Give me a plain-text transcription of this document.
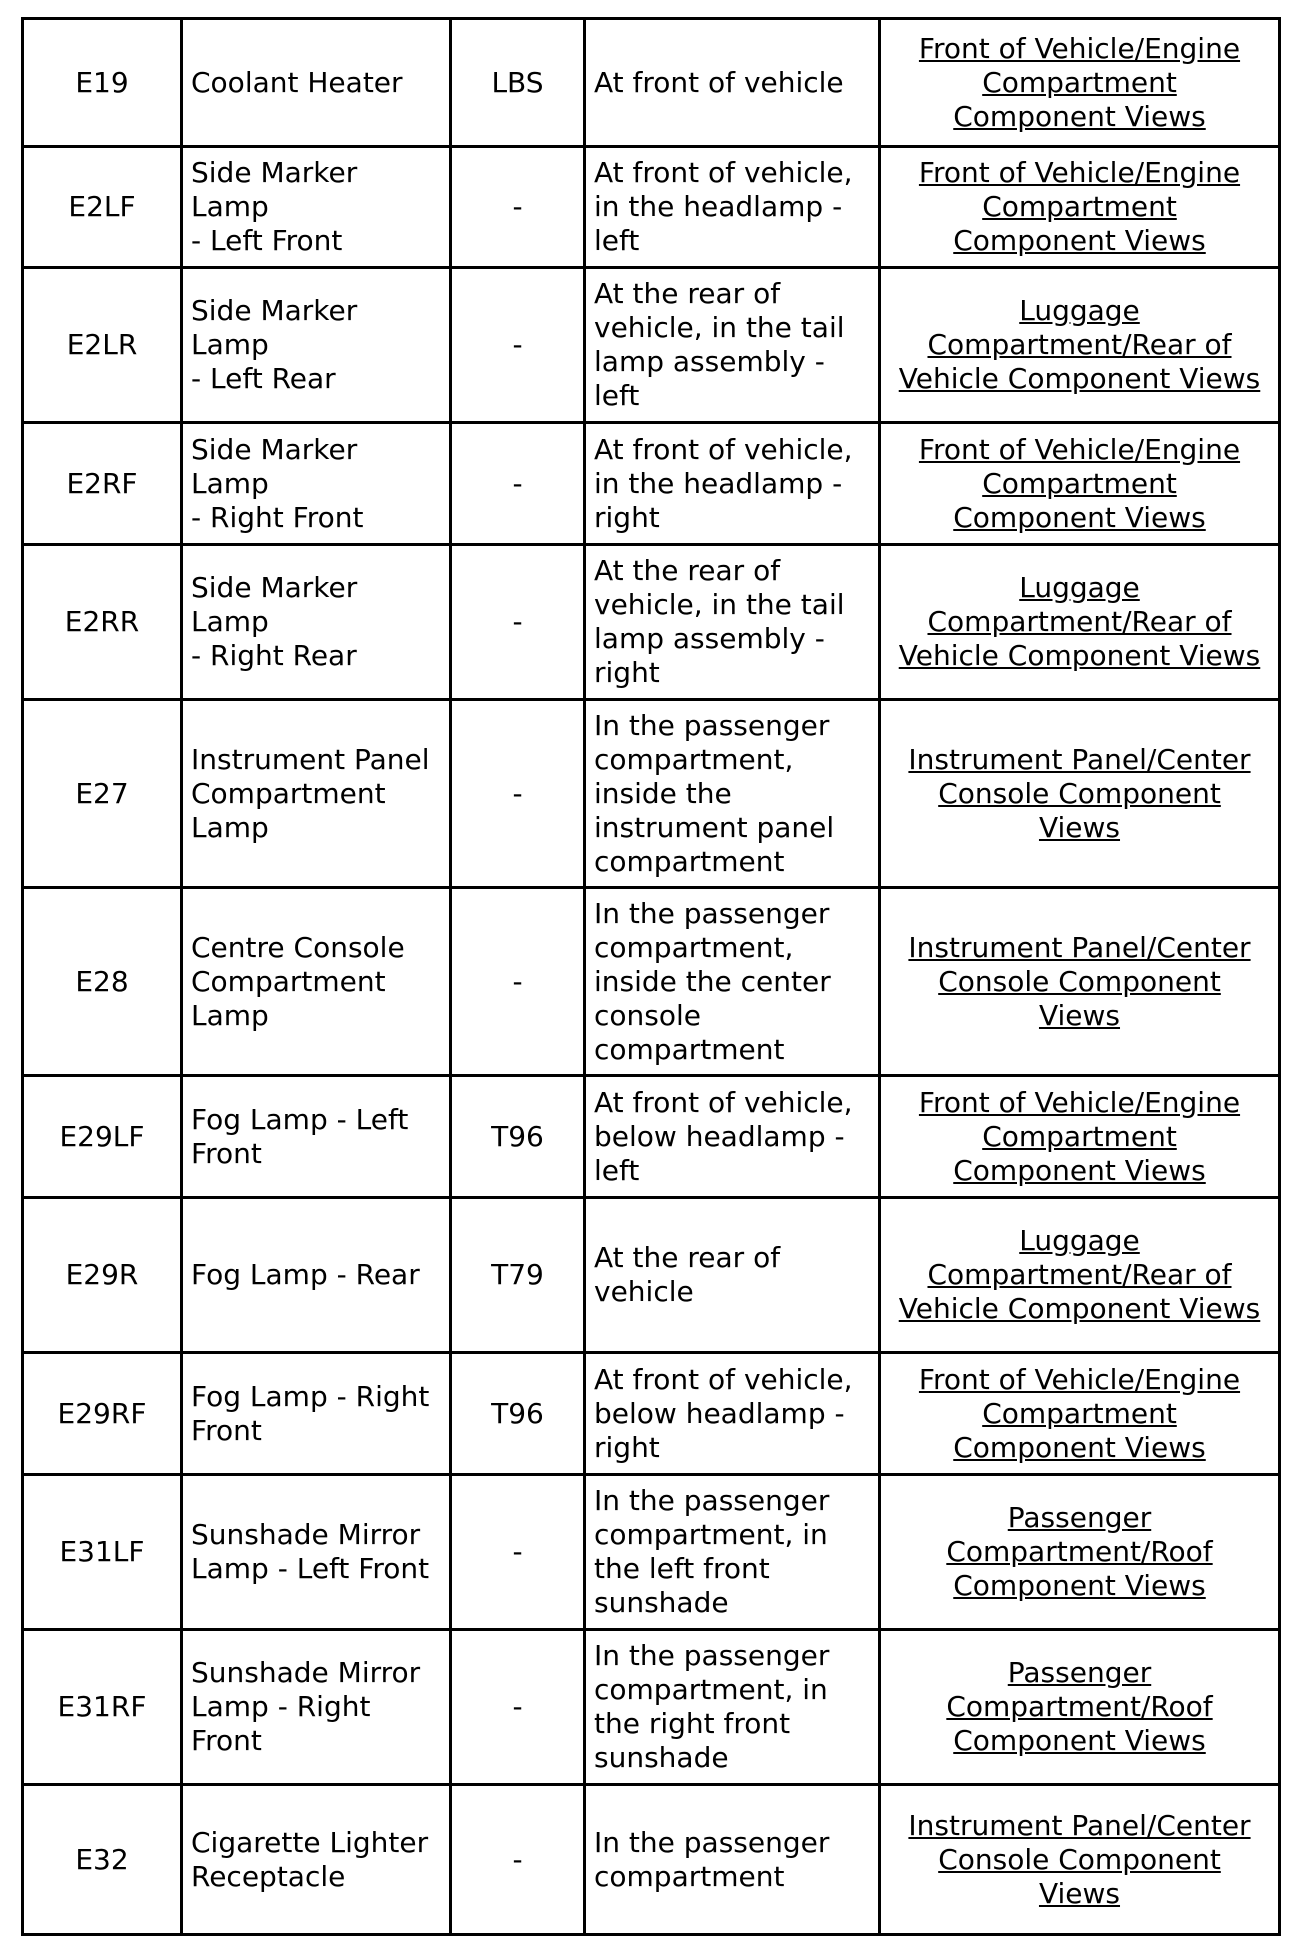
E19	Coolant Heater	LBS	At front of vehicle	Front of Vehicle/Engine
Compartment
Component Views

E2LF	Side Marker Lamp
- Left Front	-	At front of vehicle,
in the headlamp -
left	Front of Vehicle/Engine
Compartment
Component Views

E2LR	Side Marker Lamp
- Left Rear	-	At the rear of
vehicle, in the tail
lamp assembly -
left	Luggage
Compartment/Rear of
Vehicle Component Views

E2RF	Side Marker Lamp
- Right Front	-	At front of vehicle,
in the headlamp -
right	Front of Vehicle/Engine
Compartment
Component Views

E2RR	Side Marker Lamp
- Right Rear	-	At the rear of
vehicle, in the tail
lamp assembly -
right	Luggage
Compartment/Rear of
Vehicle Component Views

E27	Instrument Panel
Compartment
Lamp	-	In the passenger
compartment,
inside the
instrument panel
compartment	Instrument Panel/Center
Console Component
Views

E28	Centre Console
Compartment
Lamp	-	In the passenger
compartment,
inside the center
console
compartment	Instrument Panel/Center
Console Component
Views

E29LF	Fog Lamp - Left
Front	T96	At front of vehicle,
below headlamp -
left	Front of Vehicle/Engine
Compartment
Component Views

E29R	Fog Lamp - Rear	T79	At the rear of
vehicle	Luggage
Compartment/Rear of
Vehicle Component Views

E29RF	Fog Lamp - Right
Front	T96	At front of vehicle,
below headlamp -
right	Front of Vehicle/Engine
Compartment
Component Views

E31LF	Sunshade Mirror
Lamp - Left Front	-	In the passenger
compartment, in
the left front
sunshade	Passenger
Compartment/Roof
Component Views

E31RF	Sunshade Mirror
Lamp - Right
Front	-	In the passenger
compartment, in
the right front
sunshade	Passenger
Compartment/Roof
Component Views

E32	Cigarette Lighter
Receptacle	-	In the passenger
compartment	Instrument Panel/Center
Console Component
Views
